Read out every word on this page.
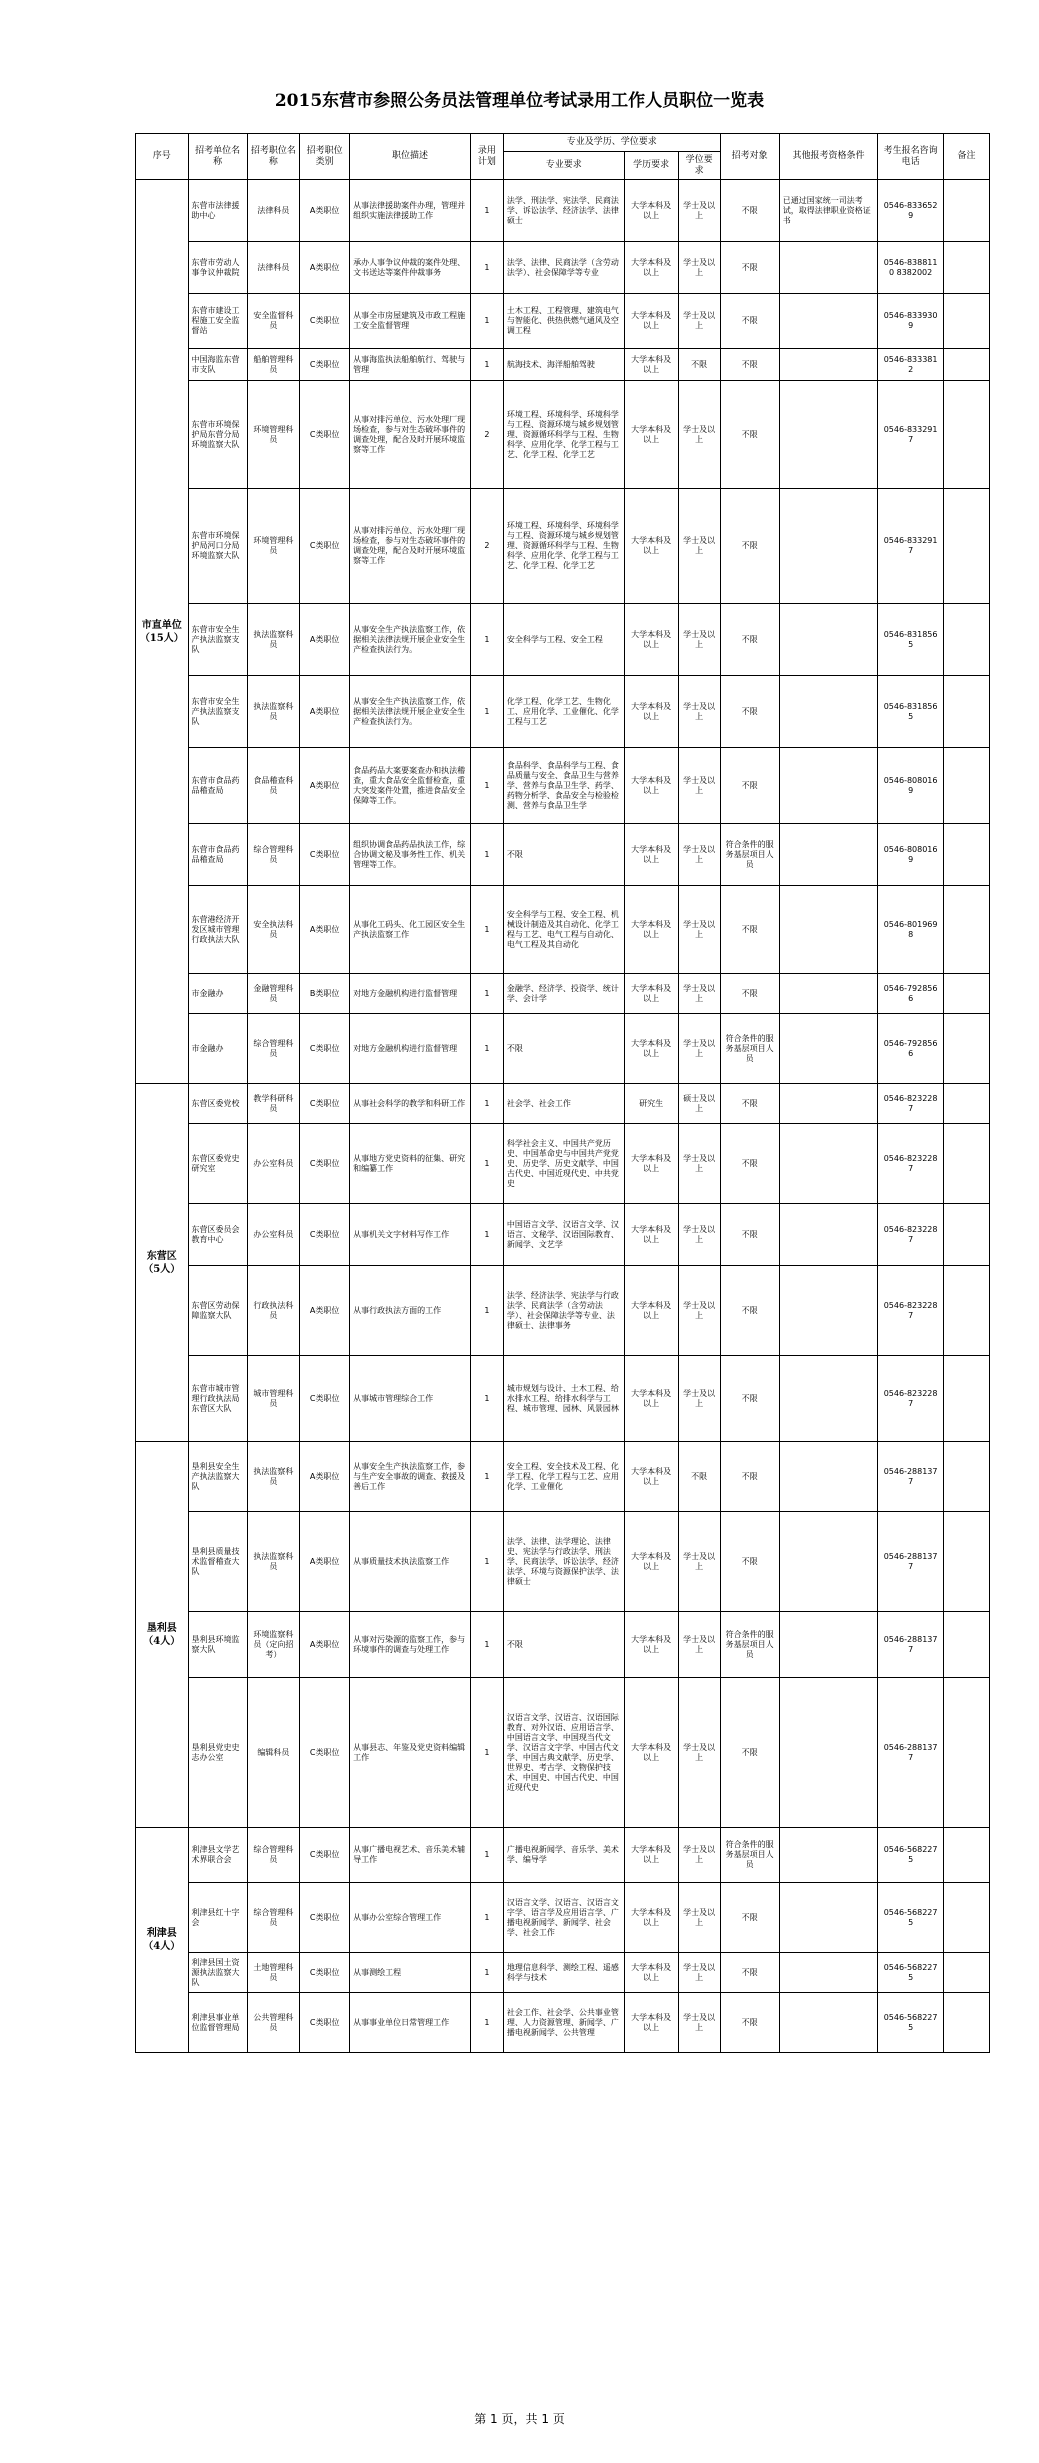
2015东营市参照公务员法管理单位考试录用工作人员职位一览表
序号	招考单位名称	招考职位名称	招考职位类别	职位描述	录用计划	专业及学历、学位要求			招考对象	其他报考资格条件	考生报名咨询电话	备注
						专业要求	学历要求	学位要求				
市直单位（15人）	东营市法律援助中心	法律科员	A类职位	从事法律援助案件办理，管理并组织实施法律援助工作	1	法学、刑法学、宪法学、民商法学、诉讼法学、经济法学、法律硕士	大学本科及以上	学士及以上	不限	已通过国家统一司法考试，取得法律职业资格证书	0546-8336529	
	东营市劳动人事争议仲裁院	法律科员	A类职位	承办人事争议仲裁的案件处理、文书送达等案件仲裁事务	1	法学、法律、民商法学（含劳动法学）、社会保障学等专业	大学本科及以上	学士及以上	不限		0546-8388110 8382002	
	东营市建设工程施工安全监督站	安全监督科员	C类职位	从事全市房屋建筑及市政工程施工安全监督管理	1	土木工程、工程管理、建筑电气与智能化、供热供燃气通风及空调工程	大学本科及以上	学士及以上	不限		0546-8339309	
	中国海监东营市支队	船舶管理科员	C类职位	从事海监执法船舶航行、驾驶与管理	1	航海技术、海洋船舶驾驶	大学本科及以上	不限	不限		0546-8333812	
	东营市环境保护局东营分局环境监察大队	环境管理科员	C类职位	从事对排污单位、污水处理厂现场检查，参与对生态破坏事件的调查处理，配合及时开展环境监察等工作	2	环境工程、环境科学、环境科学与工程、资源环境与城乡规划管理、资源循环科学与工程、生物科学、应用化学、化学工程与工艺、化学工程、化学工艺	大学本科及以上	学士及以上	不限		0546-8332917	
	东营市环境保护局河口分局环境监察大队	环境管理科员	C类职位	从事对排污单位、污水处理厂现场检查，参与对生态破坏事件的调查处理，配合及时开展环境监察等工作	2	环境工程、环境科学、环境科学与工程、资源环境与城乡规划管理、资源循环科学与工程、生物科学、应用化学、化学工程与工艺、化学工程、化学工艺	大学本科及以上	学士及以上	不限		0546-8332917	
	东营市安全生产执法监察支队	执法监察科员	A类职位	从事安全生产执法监察工作，依据相关法律法规开展企业安全生产检查执法行为。	1	安全科学与工程、安全工程	大学本科及以上	学士及以上	不限		0546-8318565	
	东营市安全生产执法监察支队	执法监察科员	A类职位	从事安全生产执法监察工作，依据相关法律法规开展企业安全生产检查执法行为。	1	化学工程、化学工艺、生物化工、应用化学、工业催化、化学工程与工艺	大学本科及以上	学士及以上	不限		0546-8318565	
	东营市食品药品稽查局	食品稽查科员	A类职位	食品药品大案要案查办和执法稽查，重大食品安全监督检查，重大突发案件处置，推进食品安全保障等工作。	1	食品科学、食品科学与工程、食品质量与安全、食品卫生与营养学、营养与食品卫生学、药学、药物分析学、食品安全与检验检测、营养与食品卫生学	大学本科及以上	学士及以上	不限		0546-8080169	
	东营市食品药品稽查局	综合管理科员	C类职位	组织协调食品药品执法工作，综合协调文秘及事务性工作、机关管理等工作。	1	不限	大学本科及以上	学士及以上	符合条件的服务基层项目人员		0546-8080169	
	东营港经济开发区城市管理行政执法大队	安全执法科员	A类职位	从事化工码头、化工园区安全生产执法监察工作	1	安全科学与工程、安全工程、机械设计制造及其自动化、化学工程与工艺、电气工程与自动化、电气工程及其自动化	大学本科及以上	学士及以上	不限		0546-8019698	
	市金融办	金融管理科员	B类职位	对地方金融机构进行监督管理	1	金融学、经济学、投资学、统计学、会计学	大学本科及以上	学士及以上	不限		0546-7928566	
	市金融办	综合管理科员	C类职位	对地方金融机构进行监督管理	1	不限	大学本科及以上	学士及以上	符合条件的服务基层项目人员		0546-7928566	
东营区（5人）	东营区委党校	教学科研科员	C类职位	从事社会科学的教学和科研工作	1	社会学、社会工作	研究生	硕士及以上	不限		0546-8232287	
	东营区委党史研究室	办公室科员	C类职位	从事地方党史资料的征集、研究和编纂工作	1	科学社会主义、中国共产党历史、中国革命史与中国共产党党史、历史学、历史文献学、中国古代史、中国近现代史、中共党史	大学本科及以上	学士及以上	不限		0546-8232287	
	东营区委员会教育中心	办公室科员	C类职位	从事机关文字材料写作工作	1	中国语言文学、汉语言文学、汉语言、文秘学、汉语国际教育、新闻学、文艺学	大学本科及以上	学士及以上	不限		0546-8232287	
	东营区劳动保障监察大队	行政执法科员	A类职位	从事行政执法方面的工作	1	法学、经济法学、宪法学与行政法学、民商法学（含劳动法学）、社会保障法学等专业、法律硕士、法律事务	大学本科及以上	学士及以上	不限		0546-8232287	
	东营市城市管理行政执法局东营区大队	城市管理科员	C类职位	从事城市管理综合工作	1	城市规划与设计、土木工程、给水排水工程、给排水科学与工程、城市管理、园林、风景园林	大学本科及以上	学士及以上	不限		0546-8232287	
垦利县（4人）	垦利县安全生产执法监察大队	执法监察科员	A类职位	从事安全生产执法监察工作，参与生产安全事故的调查、救援及善后工作	1	安全工程、安全技术及工程、化学工程、化学工程与工艺、应用化学、工业催化	大学本科及以上	不限	不限		0546-2881377	
	垦利县质量技术监督稽查大队	执法监察科员	A类职位	从事质量技术执法监察工作	1	法学、法律、法学理论、法律史、宪法学与行政法学、刑法学、民商法学、诉讼法学、经济法学、环境与资源保护法学、法律硕士	大学本科及以上	学士及以上	不限		0546-2881377	
	垦利县环境监察大队	环境监察科员（定向招考）	A类职位	从事对污染源的监察工作，参与环境事件的调查与处理工作	1	不限	大学本科及以上	学士及以上	符合条件的服务基层项目人员		0546-2881377	
	垦利县党史史志办公室	编辑科员	C类职位	从事县志、年鉴及党史资料编辑工作	1	汉语言文学、汉语言、汉语国际教育、对外汉语、应用语言学、中国语言文学、中国现当代文学、汉语言文字学、中国古代文学、中国古典文献学、历史学、世界史、考古学、文物保护技术、中国史、中国古代史、中国近现代史	大学本科及以上	学士及以上	不限		0546-2881377	
利津县（4人）	利津县文学艺术界联合会	综合管理科员	C类职位	从事广播电视艺术、音乐美术辅导工作	1	广播电视新闻学、音乐学、美术学、编导学	大学本科及以上	学士及以上	符合条件的服务基层项目人员		0546-5682275	
	利津县红十字会	综合管理科员	C类职位	从事办公室综合管理工作	1	汉语言文学、汉语言、汉语言文字学、语言学及应用语言学、广播电视新闻学、新闻学、社会学、社会工作	大学本科及以上	学士及以上	不限		0546-5682275	
	利津县国土资源执法监察大队	土地管理科员	C类职位	从事测绘工程	1	地理信息科学、测绘工程、遥感科学与技术	大学本科及以上	学士及以上	不限		0546-5682275	
	利津县事业单位监督管理局	公共管理科员	C类职位	从事事业单位日常管理工作	1	社会工作、社会学、公共事业管理、人力资源管理、新闻学、广播电视新闻学、公共管理	大学本科及以上	学士及以上	不限		0546-5682275	
第 1 页，共 1 页
